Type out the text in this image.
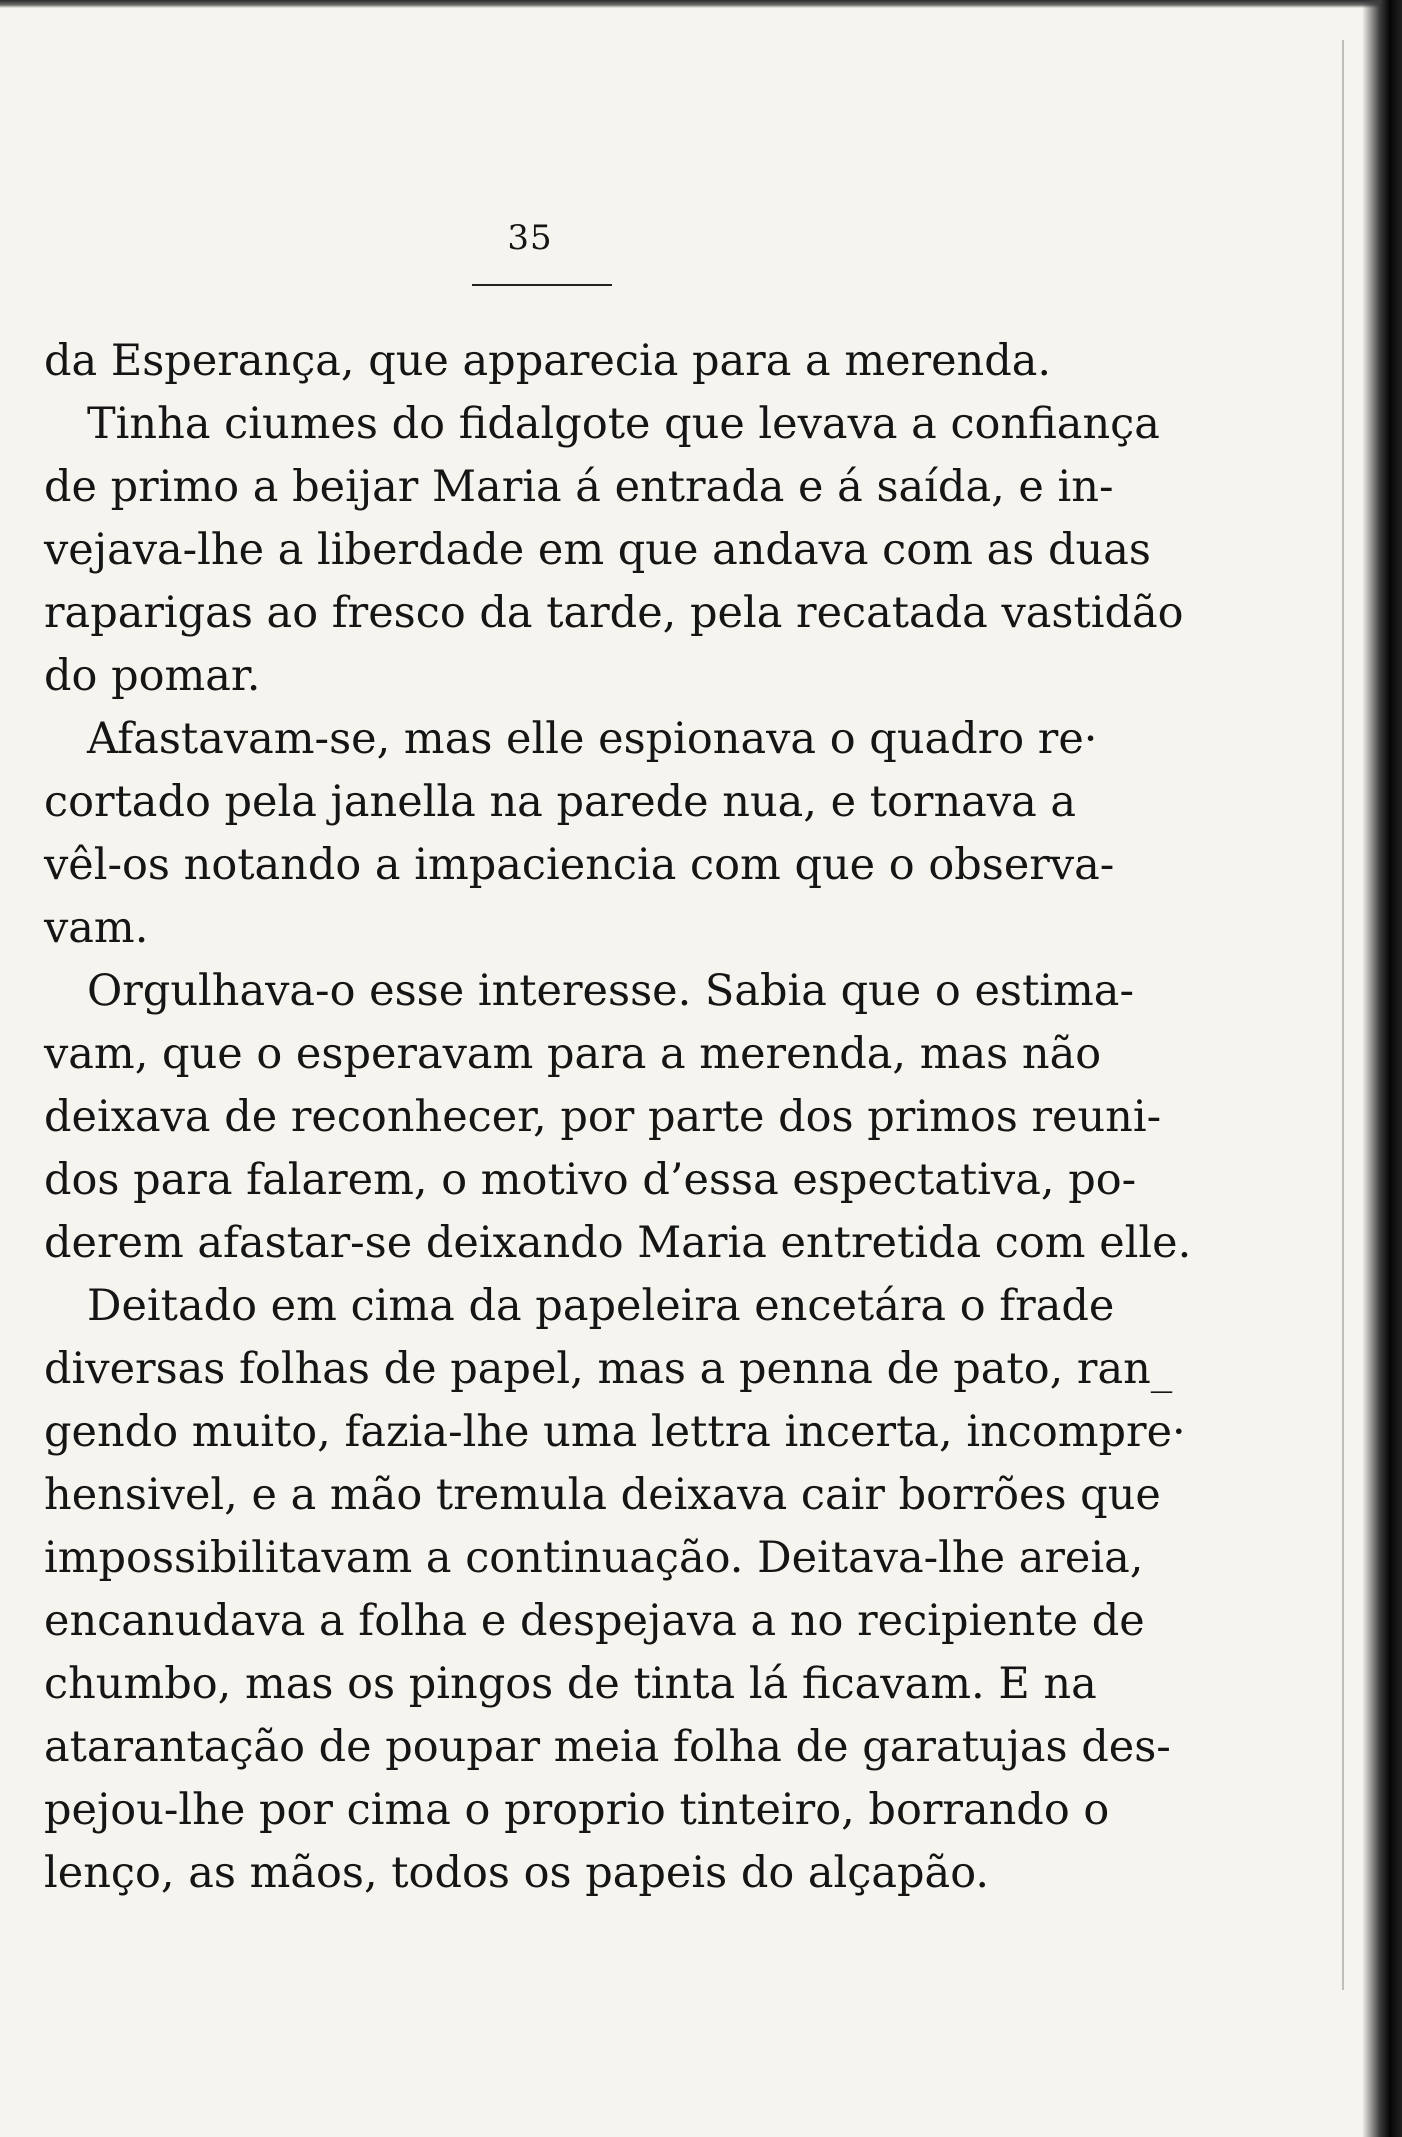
35
da Esperança, que apparecia para a merenda.
Tinha ciumes do fidalgote que levava a confiança
de primo a beijar Maria á entrada e á saída, e in-
vejava-lhe a liberdade em que andava com as duas
raparigas ao fresco da tarde, pela recatada vastidão
do pomar.
Afastavam-se, mas elle espionava o quadro re·
cortado pela janella na parede nua, e tornava a
vêl-os notando a impaciencia com que o observa-
vam.
Orgulhava-o esse interesse. Sabia que o estima-
vam, que o esperavam para a merenda, mas não
deixava de reconhecer, por parte dos primos reuni-
dos para falarem, o motivo d’essa espectativa, po-
derem afastar-se deixando Maria entretida com elle.
Deitado em cima da papeleira encetára o frade
diversas folhas de papel, mas a penna de pato, ran_
gendo muito, fazia-lhe uma lettra incerta, incompre·
hensivel, e a mão tremula deixava cair borrões que
impossibilitavam a continuação. Deitava-lhe areia,
encanudava a folha e despejava a no recipiente de
chumbo, mas os pingos de tinta lá ficavam. E na
atarantação de poupar meia folha de garatujas des-
pejou-lhe por cima o proprio tinteiro, borrando o
lenço, as mãos, todos os papeis do alçapão.
